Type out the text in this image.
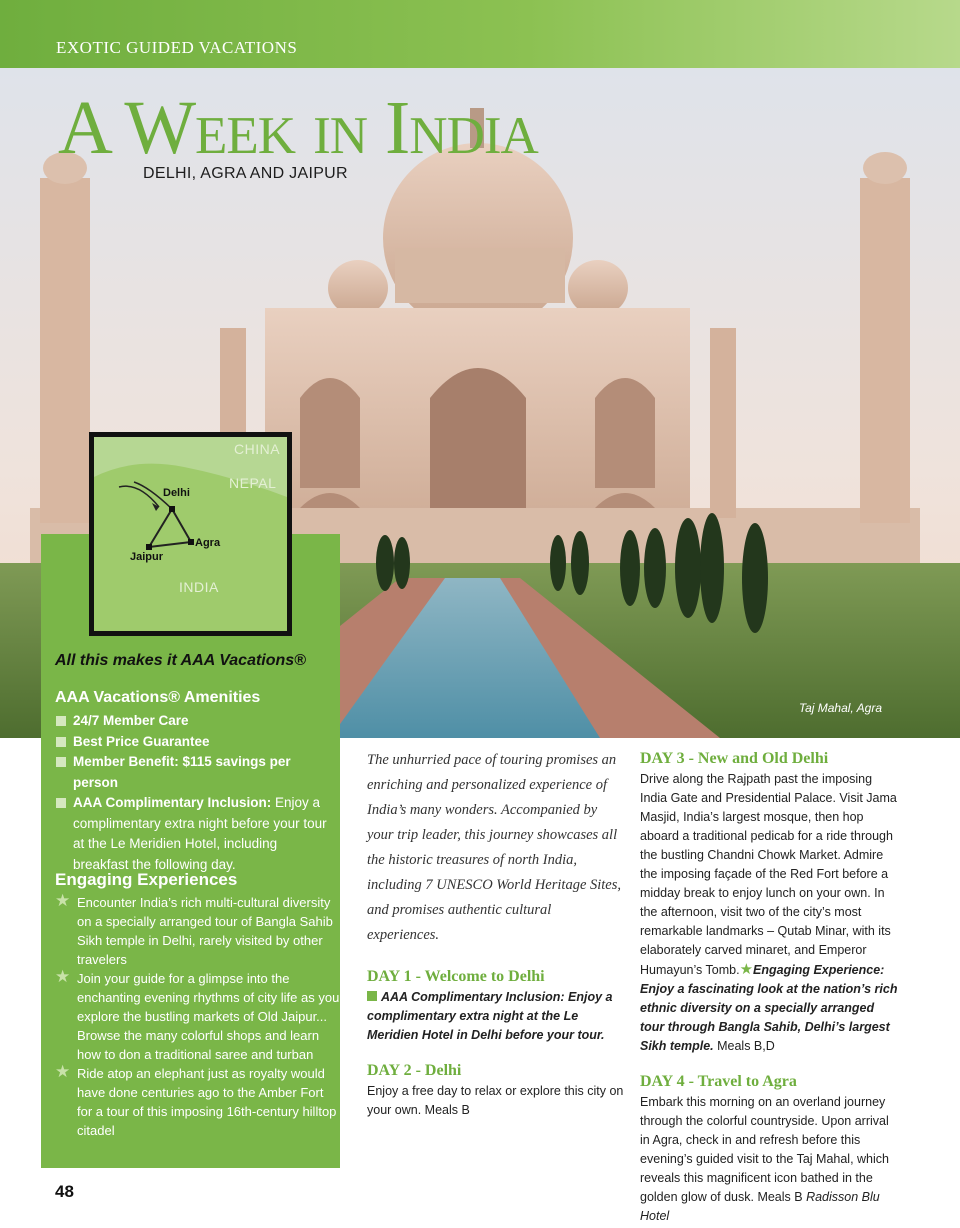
EXOTIC GUIDED VACATIONS
A Week in India
DELHI, AGRA AND JAIPUR
Taj Mahal, Agra
CHINA
NEPAL
INDIA
Delhi
Agra
Jaipur
All this makes it AAA Vacations®
AAA Vacations® Amenities
24/7 Member Care
Best Price Guarantee
Member Benefit: $115 savings per person
AAA Complimentary Inclusion: Enjoy a complimentary extra night before your tour at the Le Meridien Hotel, including breakfast the following day.
Engaging Experiences
★ Encounter India’s rich multi-cultural diversity on a specially arranged tour of Bangla Sahib Sikh temple in Delhi, rarely visited by other travelers
★ Join your guide for a glimpse into the enchanting evening rhythms of city life as you explore the bustling markets of Old Jaipur... Browse the many colorful shops and learn how to don a traditional saree and turban
★ Ride atop an elephant just as royalty would have done centuries ago to the Amber Fort for a tour of this imposing 16th-century hilltop citadel
48

The unhurried pace of touring promises an enriching and personalized experience of India’s many wonders. Accompanied by your trip leader, this journey showcases all the historic treasures of north India, including 7 UNESCO World Heritage Sites, and promises authentic cultural experiences.

DAY 1 - Welcome to Delhi

AAA Complimentary Inclusion: Enjoy a complimentary extra night at the Le Meridien Hotel in Delhi before your tour.

DAY 2 - Delhi

Enjoy a free day to relax or explore this city on your own. Meals B

DAY 3 - New and Old Delhi

Drive along the Rajpath past the imposing India Gate and Presidential Palace. Visit Jama Masjid, India’s largest mosque, then hop aboard a traditional pedicab for a ride through the bustling Chandni Chowk Market. Admire the imposing façade of the Red Fort before a midday break to enjoy lunch on your own. In the afternoon, visit two of the city’s most remarkable landmarks – Qutab Minar, with its elaborately carved minaret, and Emperor Humayun’s Tomb.★Engaging Experience: Enjoy a fascinating look at the nation’s rich ethnic diversity on a specially arranged tour through Bangla Sahib, Delhi’s largest Sikh temple. Meals B,D

DAY 4 - Travel to Agra

Embark this morning on an overland journey through the colorful countryside. Upon arrival in Agra, check in and refresh before this evening’s guided visit to the Taj Mahal, which reveals this magnificent icon bathed in the golden glow of dusk. Meals B Radisson Blu Hotel
